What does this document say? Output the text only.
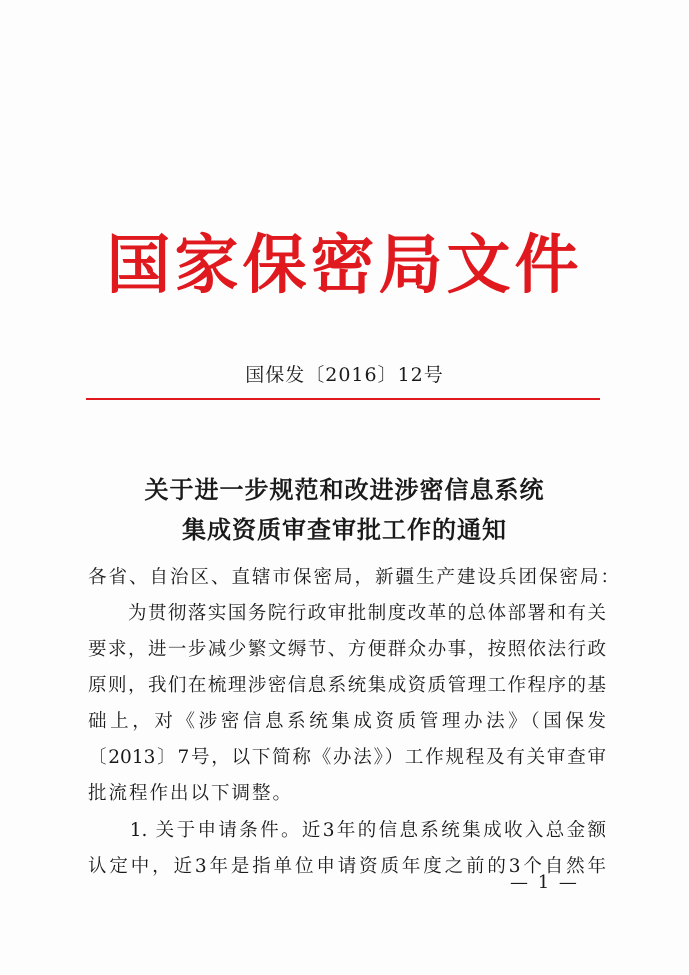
国家保密局文件
国保发〔2016〕12号
关于进一步规范和改进涉密信息系统
集成资质审查审批工作的通知
各省、自治区、直辖市保密局，新疆生产建设兵团保密局：
　　为贯彻落实国务院行政审批制度改革的总体部署和有关
要求，进一步减少繁文缛节、方便群众办事，按照依法行政
原则，我们在梳理涉密信息系统集成资质管理工作程序的基
础上，对《涉密信息系统集成资质管理办法》（国保发
〔2013〕7号，以下简称《办法》）工作规程及有关审查审
批流程作出以下调整。
　　1. 关于申请条件。近3年的信息系统集成收入总金额
认定中，近3年是指单位申请资质年度之前的3个自然年
— 1 —
